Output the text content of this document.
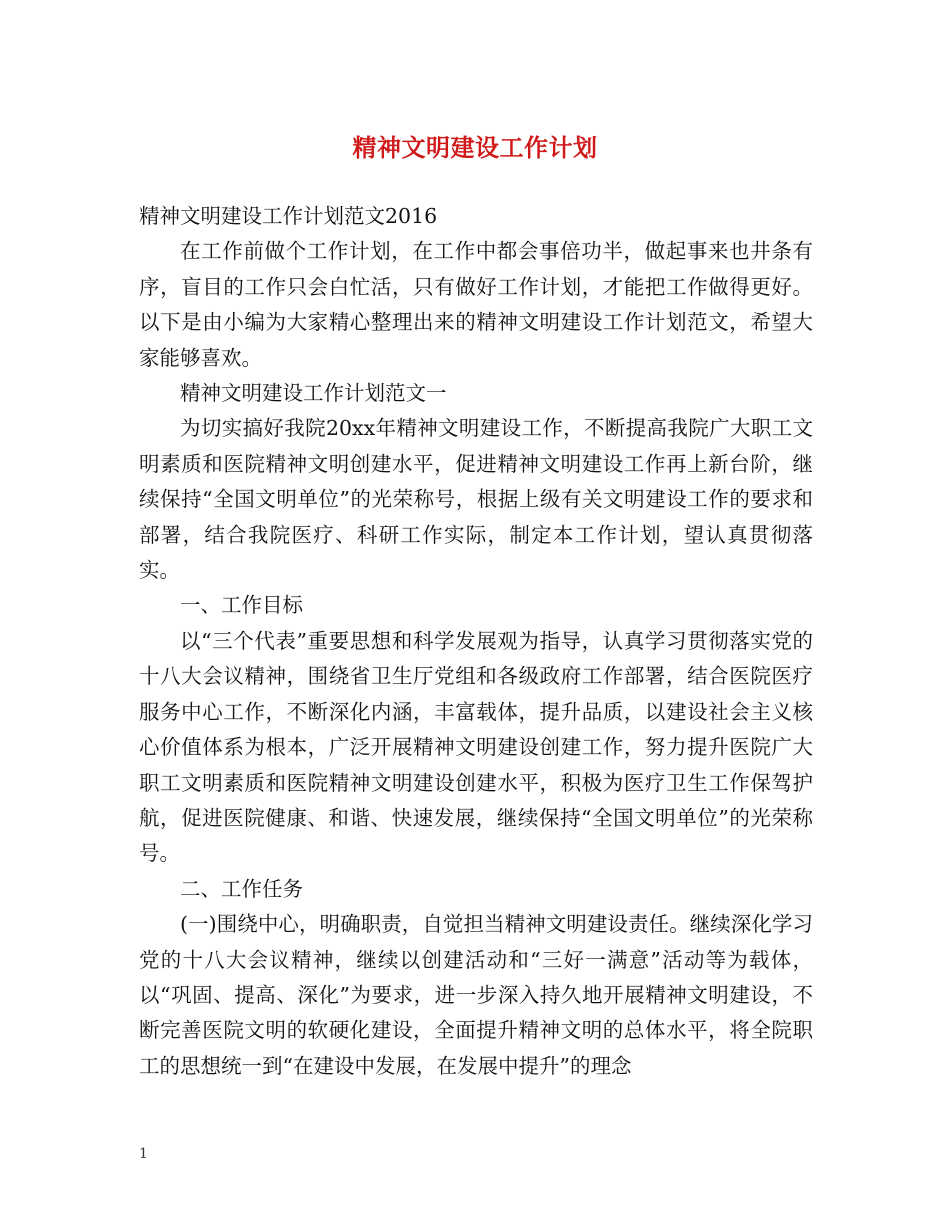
精神文明建设工作计划

精神文明建设工作计划范文2016

在工作前做个工作计划，在工作中都会事倍功半，做起事来也井条有序，盲目的工作只会白忙活，只有做好工作计划，才能把工作做得更好。以下是由小编为大家精心整理出来的精神文明建设工作计划范文，希望大家能够喜欢。

精神文明建设工作计划范文一

为切实搞好我院20xx年精神文明建设工作，不断提高我院广大职工文明素质和医院精神文明创建水平，促进精神文明建设工作再上新台阶，继续保持“全国文明单位”的光荣称号，根据上级有关文明建设工作的要求和部署，结合我院医疗、科研工作实际，制定本工作计划，望认真贯彻落实。

一、工作目标

以“三个代表”重要思想和科学发展观为指导，认真学习贯彻落实党的十八大会议精神，围绕省卫生厅党组和各级政府工作部署，结合医院医疗服务中心工作，不断深化内涵，丰富载体，提升品质，以建设社会主义核心价值体系为根本，广泛开展精神文明建设创建工作，努力提升医院广大职工文明素质和医院精神文明建设创建水平，积极为医疗卫生工作保驾护航，促进医院健康、和谐、快速发展，继续保持“全国文明单位”的光荣称号。

二、工作任务

(一)围绕中心，明确职责，自觉担当精神文明建设责任。继续深化学习党的十八大会议精神，继续以创建活动和“三好一满意”活动等为载体，以“巩固、提高、深化”为要求，进一步深入持久地开展精神文明建设，不断完善医院文明的软硬化建设，全面提升精神文明的总体水平，将全院职工的思想统一到“在建设中发展，在发展中提升”的理念

1
